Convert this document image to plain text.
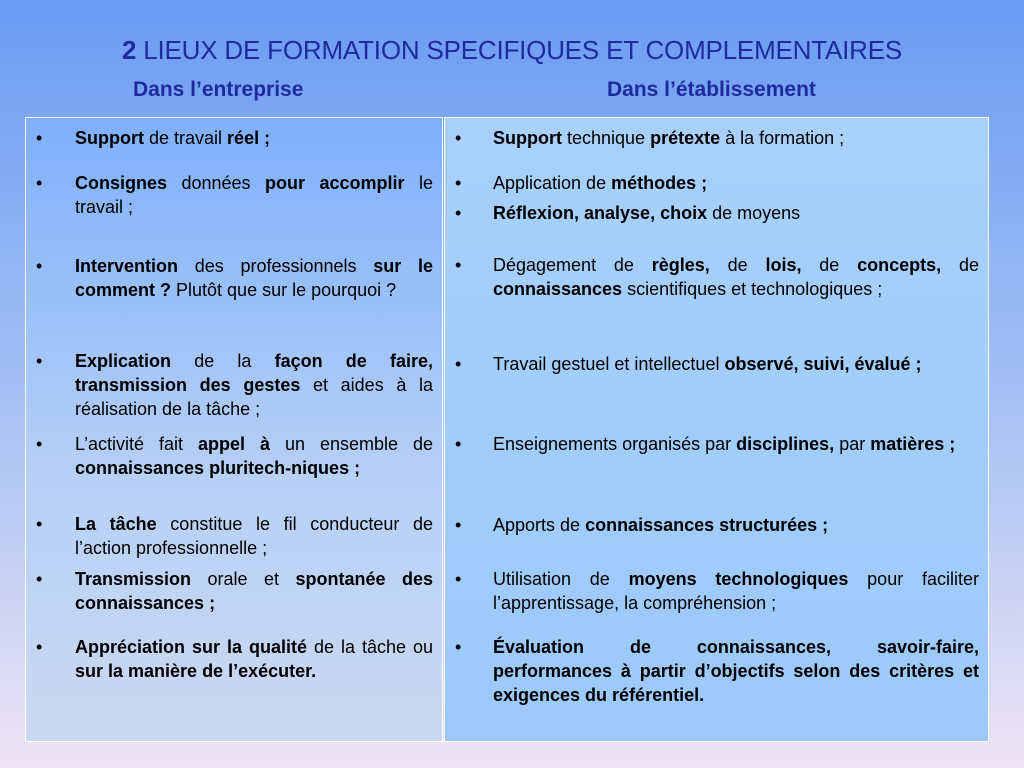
2 LIEUX DE FORMATION SPECIFIQUES ET COMPLEMENTAIRES
Dans l’entreprise	Dans l’établissement
• Support de travail réel ;
• Consignes données pour accomplir le travail ;
• Intervention des professionnels sur le comment ? Plutôt que sur le pourquoi ?
• Explication de la façon de faire, transmission des gestes et aides à la réalisation de la tâche ;
• L’activité fait appel à un ensemble de connaissances pluritech-niques ;
• La tâche constitue le fil conducteur de l’action professionnelle ;
• Transmission orale et spontanée des connaissances ;
• Appréciation sur la qualité de la tâche ou sur la manière de l’exécuter.
• Support technique prétexte à la formation ;
• Application de méthodes ;
• Réflexion, analyse, choix de moyens
• Dégagement de règles, de lois, de concepts, de connaissances scientifiques et technologiques ;
• Travail gestuel et intellectuel observé, suivi, évalué ;
• Enseignements organisés par disciplines, par matières ;
• Apports de connaissances structurées ;
• Utilisation de moyens technologiques pour faciliter l’apprentissage, la compréhension ;
• Évaluation de connaissances, savoir-faire, performances à partir d’objectifs selon des critères et exigences du référentiel.
